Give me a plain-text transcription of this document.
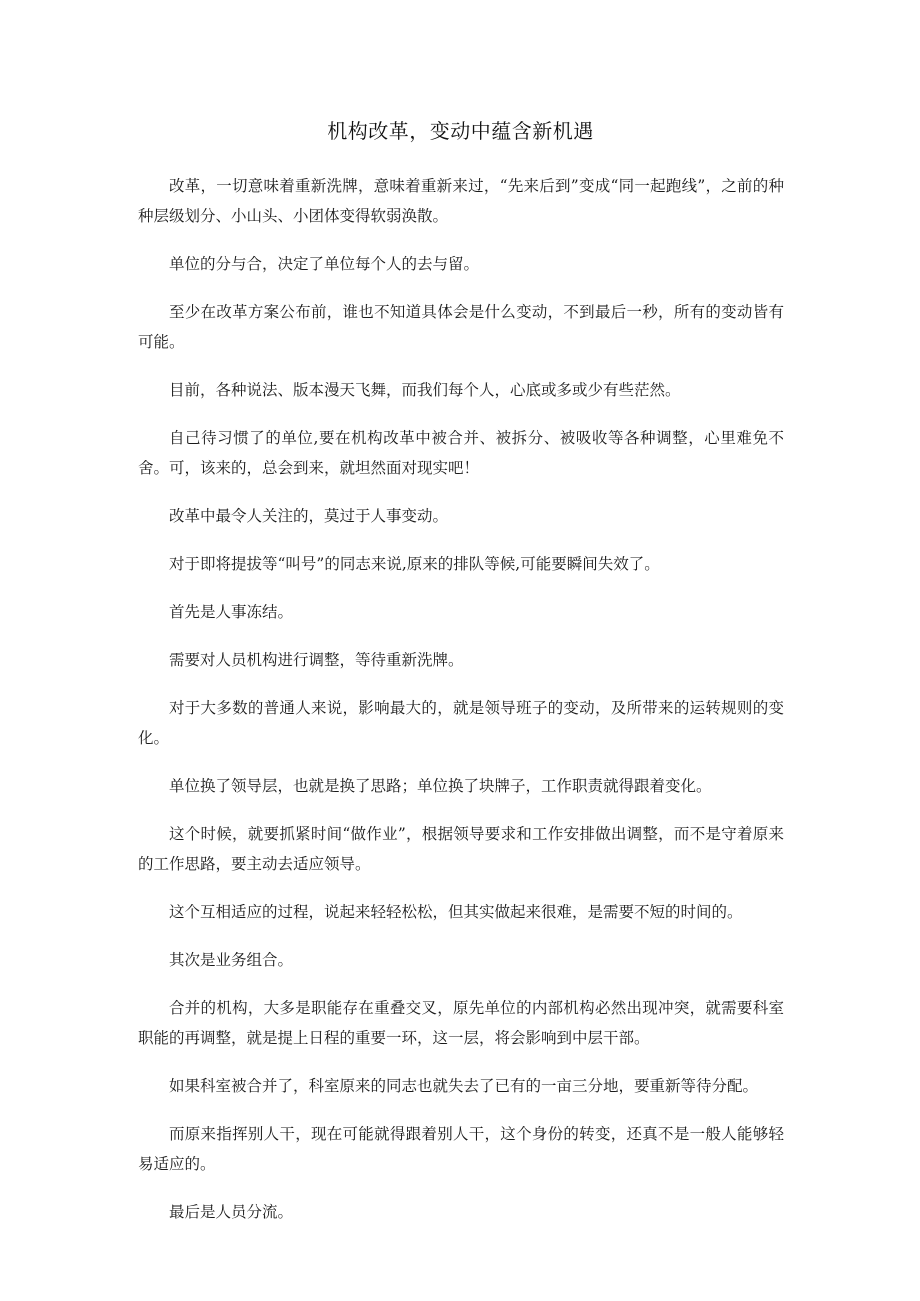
机构改革，变动中蕴含新机遇

改革，一切意味着重新洗牌，意味着重新来过，“先来后到”变成“同一起跑线”，之前的种种层级划分、小山头、小团体变得软弱涣散。

单位的分与合，决定了单位每个人的去与留。

至少在改革方案公布前，谁也不知道具体会是什么变动，不到最后一秒，所有的变动皆有可能。

目前，各种说法、版本漫天飞舞，而我们每个人，心底或多或少有些茫然。

自己待习惯了的单位,要在机构改革中被合并、被拆分、被吸收等各种调整，心里难免不舍。可，该来的，总会到来，就坦然面对现实吧！

改革中最令人关注的，莫过于人事变动。

对于即将提拔等“叫号”的同志来说,原来的排队等候,可能要瞬间失效了。

首先是人事冻结。

需要对人员机构进行调整，等待重新洗牌。

对于大多数的普通人来说，影响最大的，就是领导班子的变动，及所带来的运转规则的变化。

单位换了领导层，也就是换了思路；单位换了块牌子，工作职责就得跟着变化。

这个时候，就要抓紧时间“做作业”，根据领导要求和工作安排做出调整，而不是守着原来的工作思路，要主动去适应领导。

这个互相适应的过程，说起来轻轻松松，但其实做起来很难，是需要不短的时间的。

其次是业务组合。

合并的机构，大多是职能存在重叠交叉，原先单位的内部机构必然出现冲突，就需要科室职能的再调整，就是提上日程的重要一环，这一层，将会影响到中层干部。

如果科室被合并了，科室原来的同志也就失去了已有的一亩三分地，要重新等待分配。

而原来指挥别人干，现在可能就得跟着别人干，这个身份的转变，还真不是一般人能够轻易适应的。

最后是人员分流。
